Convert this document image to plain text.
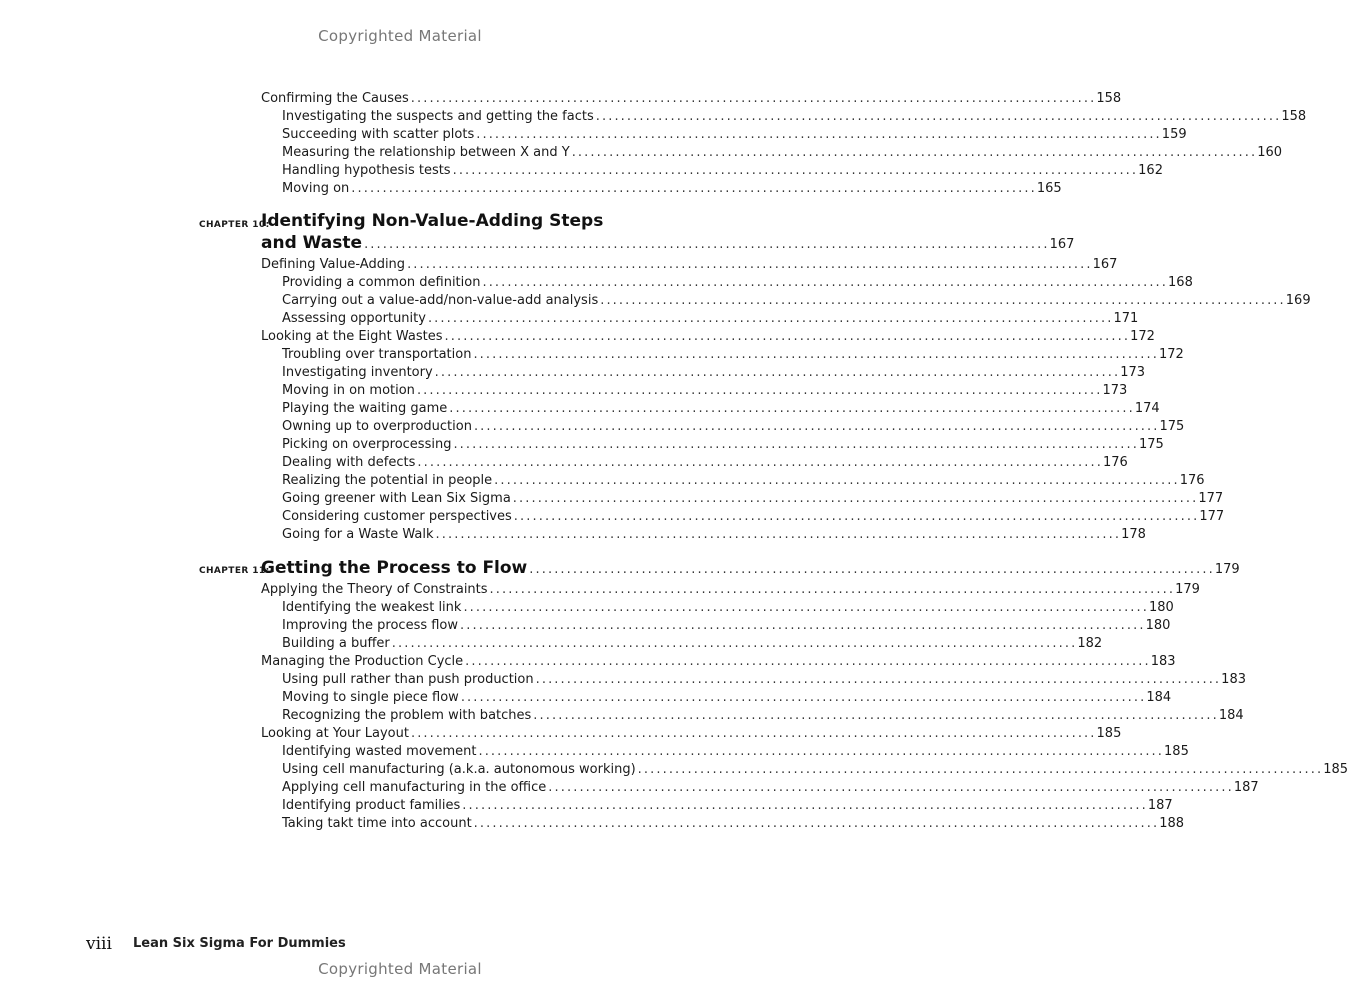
Copyrighted Material
Confirming the Causes .............................................................................................................. 158
Investigating the suspects and getting the facts .............................................................................................................. 158
Succeeding with scatter plots .............................................................................................................. 159
Measuring the relationship between X and Y .............................................................................................................. 160
Handling hypothesis tests .............................................................................................................. 162
Moving on .............................................................................................................. 165
CHAPTER 10:
Identifying Non-Value-Adding Steps
and Waste .............................................................................................................. 167
Defining Value-Adding .............................................................................................................. 167
Providing a common definition .............................................................................................................. 168
Carrying out a value-add/non-value-add analysis .............................................................................................................. 169
Assessing opportunity .............................................................................................................. 171
Looking at the Eight Wastes .............................................................................................................. 172
Troubling over transportation .............................................................................................................. 172
Investigating inventory .............................................................................................................. 173
Moving in on motion .............................................................................................................. 173
Playing the waiting game .............................................................................................................. 174
Owning up to overproduction .............................................................................................................. 175
Picking on overprocessing .............................................................................................................. 175
Dealing with defects .............................................................................................................. 176
Realizing the potential in people .............................................................................................................. 176
Going greener with Lean Six Sigma .............................................................................................................. 177
Considering customer perspectives .............................................................................................................. 177
Going for a Waste Walk .............................................................................................................. 178
CHAPTER 11:
Getting the Process to Flow .............................................................................................................. 179
Applying the Theory of Constraints .............................................................................................................. 179
Identifying the weakest link .............................................................................................................. 180
Improving the process flow .............................................................................................................. 180
Building a buffer .............................................................................................................. 182
Managing the Production Cycle .............................................................................................................. 183
Using pull rather than push production .............................................................................................................. 183
Moving to single piece flow .............................................................................................................. 184
Recognizing the problem with batches .............................................................................................................. 184
Looking at Your Layout .............................................................................................................. 185
Identifying wasted movement .............................................................................................................. 185
Using cell manufacturing (a.k.a. autonomous working) .............................................................................................................. 185
Applying cell manufacturing in the office .............................................................................................................. 187
Identifying product families .............................................................................................................. 187
Taking takt time into account .............................................................................................................. 188
viii Lean Six Sigma For Dummies
Copyrighted Material
